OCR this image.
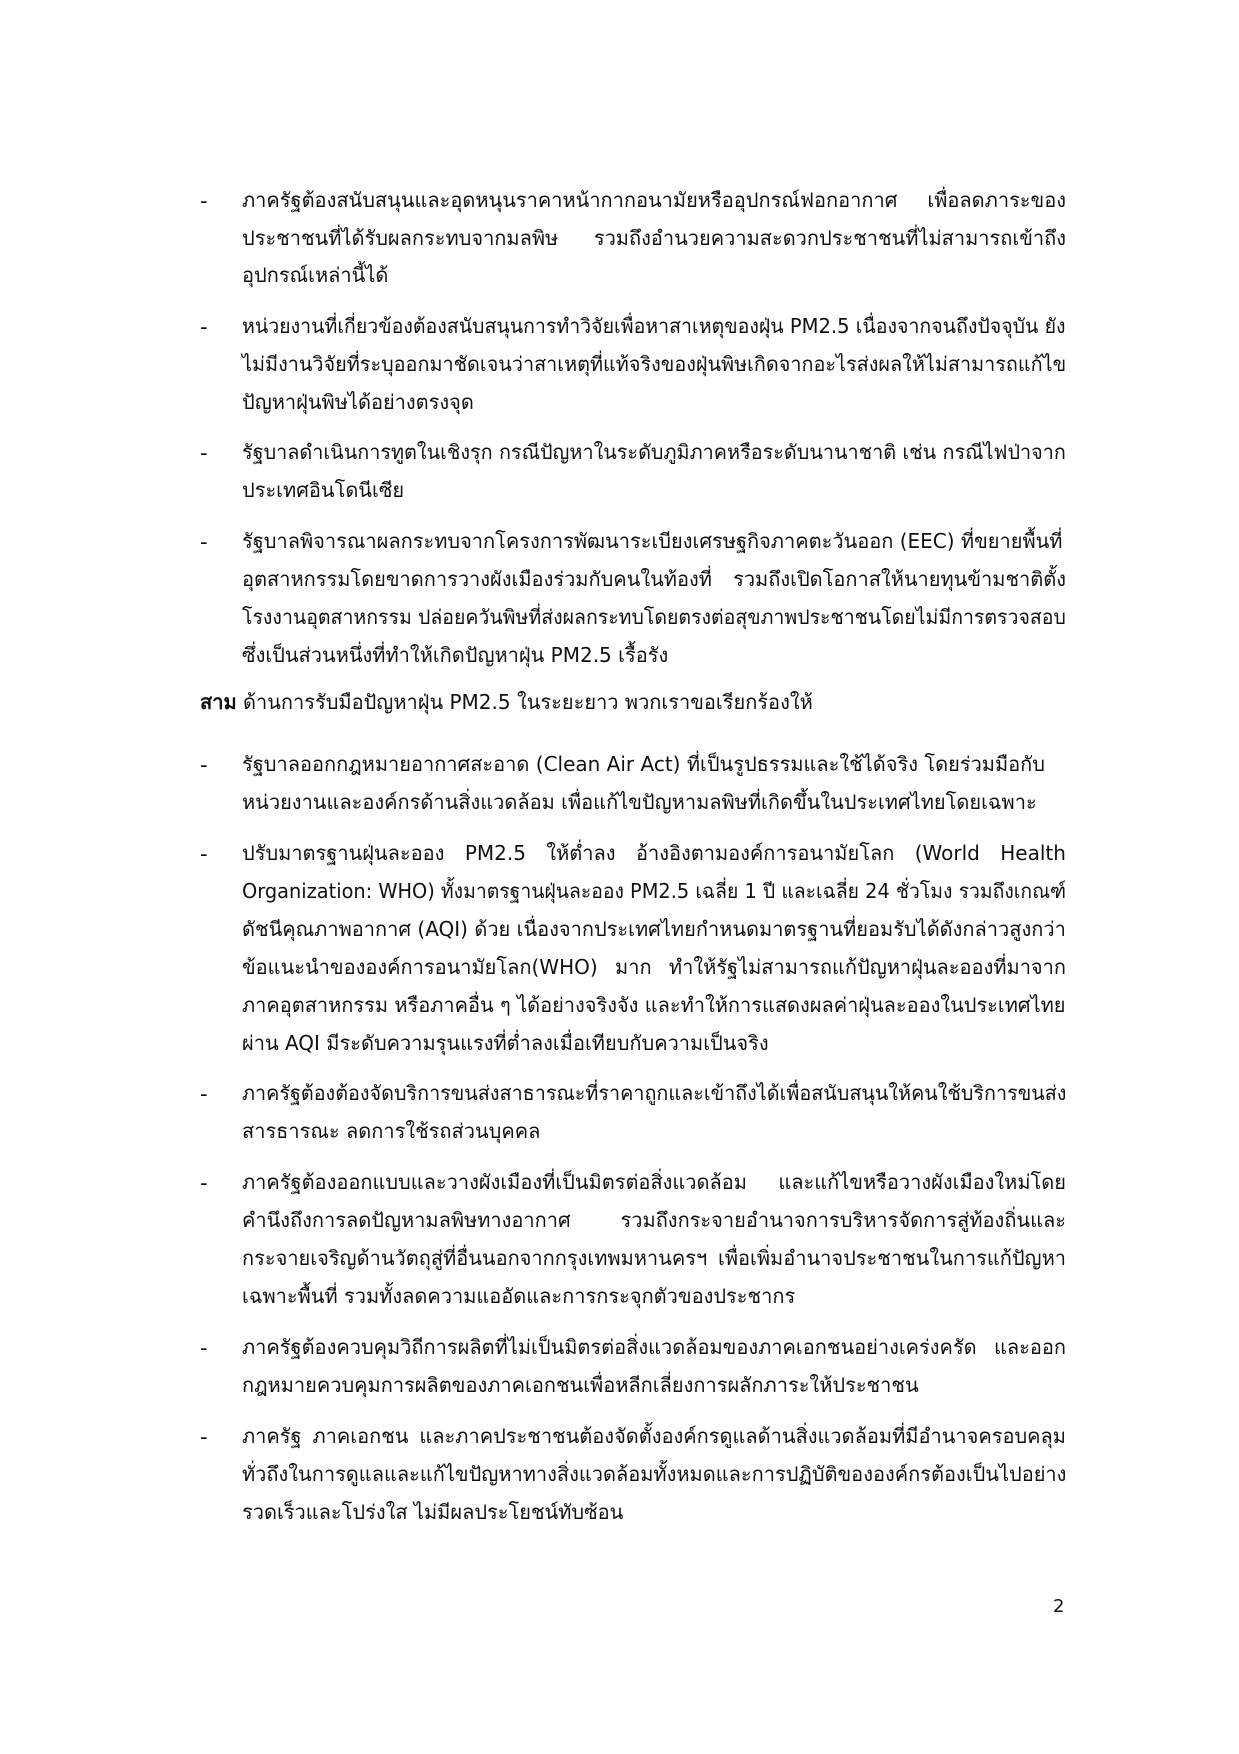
- ภาครัฐต้องสนับสนุนและอุดหนุนราคาหน้ากากอนามัยหรืออุปกรณ์ฟอกอากาศ เพื่อลดภาระของ
ประชาชนที่ได้รับผลกระทบจากมลพิษ รวมถึงอำนวยความสะดวกประชาชนที่ไม่สามารถเข้าถึง
อุปกรณ์เหล่านี้ได้
- หน่วยงานที่เกี่ยวข้องต้องสนับสนุนการทำวิจัยเพื่อหาสาเหตุของฝุ่น PM2.5 เนื่องจากจนถึงปัจจุบัน ยัง
ไม่มีงานวิจัยที่ระบุออกมาชัดเจนว่าสาเหตุที่แท้จริงของฝุ่นพิษเกิดจากอะไร ส่งผลให้ไม่สามารถแก้ไข
ปัญหาฝุ่นพิษได้อย่างตรงจุด
- รัฐบาลดำเนินการทูตในเชิงรุก กรณีปัญหาในระดับภูมิภาคหรือระดับนานาชาติ เช่น กรณีไฟป่าจาก
ประเทศอินโดนีเซีย
- รัฐบาลพิจารณาผลกระทบจากโครงการพัฒนาระเบียงเศรษฐกิจภาคตะวันออก (EEC) ที่ขยายพื้นที่
อุตสาหกรรมโดยขาดการวางผังเมืองร่วมกับคนในท้องที่ รวมถึงเปิดโอกาสให้นายทุนข้ามชาติตั้ง
โรงงานอุตสาหกรรม ปล่อยควันพิษที่ส่งผลกระทบโดยตรงต่อสุขภาพประชาชนโดยไม่มีการตรวจสอบ
ซึ่งเป็นส่วนหนึ่งที่ทำให้เกิดปัญหาฝุ่น PM2.5 เรื้อรัง
สาม ด้านการรับมือปัญหาฝุ่น PM2.5 ในระยะยาว พวกเราขอเรียกร้องให้
- รัฐบาลออกกฎหมายอากาศสะอาด (Clean Air Act) ที่เป็นรูปธรรมและใช้ได้จริง โดยร่วมมือกับ
หน่วยงานและองค์กรด้านสิ่งแวดล้อม เพื่อแก้ไขปัญหามลพิษที่เกิดขึ้นในประเทศไทยโดยเฉพาะ
- ปรับมาตรฐานฝุ่นละออง PM2.5 ให้ต่ำลง อ้างอิงตามองค์การอนามัยโลก (World Health
Organization: WHO) ทั้งมาตรฐานฝุ่นละออง PM2.5 เฉลี่ย 1 ปี และเฉลี่ย 24 ชั่วโมง รวมถึงเกณฑ์
ดัชนีคุณภาพอากาศ (AQI) ด้วย เนื่องจากประเทศไทยกำหนดมาตรฐานที่ยอมรับได้ดังกล่าวสูงกว่า
ข้อแนะนำขององค์การอนามัยโลก(WHO) มาก ทำให้รัฐไม่สามารถแก้ปัญหาฝุ่นละอองที่มาจาก
ภาคอุตสาหกรรม หรือภาคอื่น ๆ ได้อย่างจริงจัง และทำให้การแสดงผลค่าฝุ่นละอองในประเทศไทย
ผ่าน AQI มีระดับความรุนแรงที่ต่ำลงเมื่อเทียบกับความเป็นจริง
- ภาครัฐต้องต้องจัดบริการขนส่งสาธารณะที่ราคาถูกและเข้าถึงได้ เพื่อสนับสนุนให้คนใช้บริการขนส่ง
สารธารณะ ลดการใช้รถส่วนบุคคล
- ภาครัฐต้องออกแบบและวางผังเมืองที่เป็นมิตรต่อสิ่งแวดล้อม และแก้ไขหรือวางผังเมืองใหม่โดย
คำนึงถึงการลดปัญหามลพิษทางอากาศ รวมถึงกระจายอำนาจการบริหารจัดการสู่ท้องถิ่นและ
กระจายเจริญด้านวัตถุสู่ที่อื่นนอกจากกรุงเทพมหานครฯ เพื่อเพิ่มอำนาจประชาชนในการแก้ปัญหา
เฉพาะพื้นที่ รวมทั้งลดความแออัดและการกระจุกตัวของประชากร
- ภาครัฐต้องควบคุมวิถีการผลิตที่ไม่เป็นมิตรต่อสิ่งแวดล้อมของภาคเอกชนอย่างเคร่งครัด และออก
กฎหมายควบคุมการผลิตของภาคเอกชนเพื่อหลีกเลี่ยงการผลักภาระให้ประชาชน
- ภาครัฐ ภาคเอกชน และภาคประชาชนต้องจัดตั้งองค์กรดูแลด้านสิ่งแวดล้อมที่มีอำนาจครอบคลุม
ทั่วถึงในการดูแลและแก้ไขปัญหาทางสิ่งแวดล้อมทั้งหมด และการปฏิบัติขององค์กรต้องเป็นไปอย่าง
รวดเร็วและโปร่งใส ไม่มีผลประโยชน์ทับซ้อน
2
